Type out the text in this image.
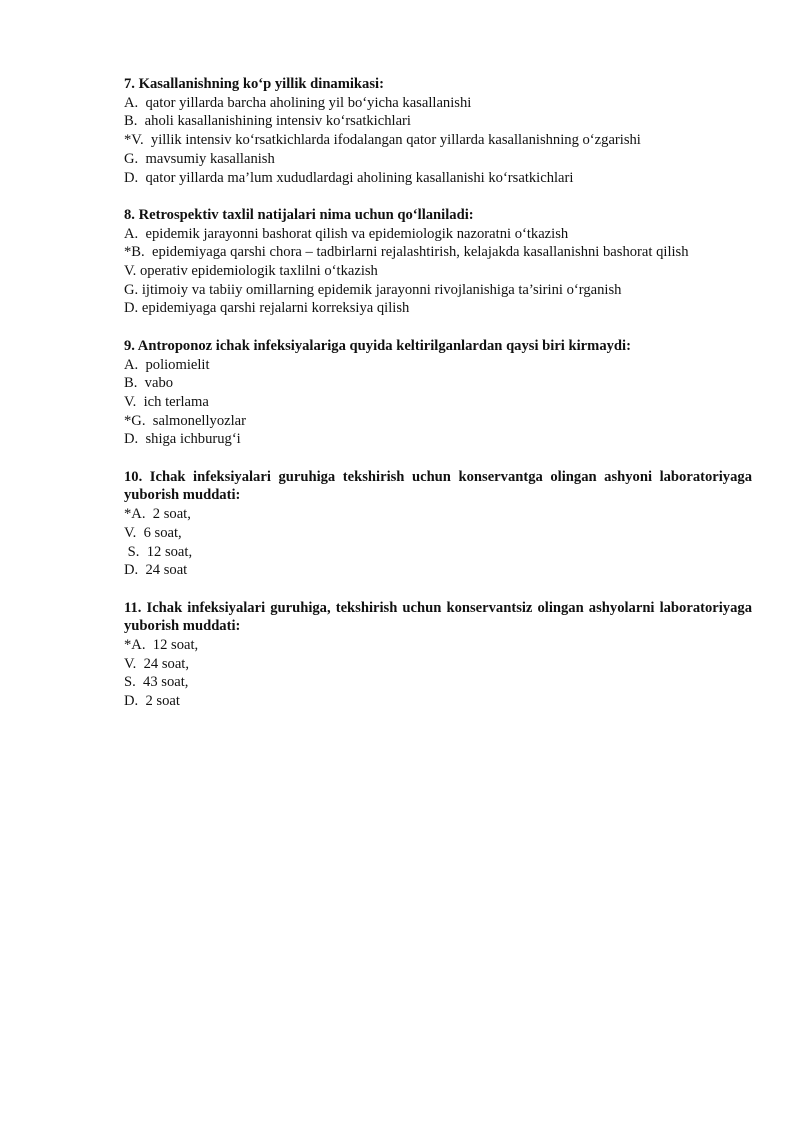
7. Kasallanishning ko‘p yillik dinamikasi:
A.  qator yillarda barcha aholining yil bo‘yicha kasallanishi
B.  aholi kasallanishining intensiv ko‘rsatkichlari
*V.  yillik intensiv ko‘rsatkichlarda ifodalangan qator yillarda kasallanishning o‘zgarishi
G.  mavsumiy kasallanish
D.  qator yillarda ma’lum xududlardagi aholining kasallanishi ko‘rsatkichlari
8. Retrospektiv taxlil natijalari nima uchun qo‘llaniladi:
A.  epidemik jarayonni bashorat qilish va epidemiologik nazoratni o‘tkazish
*B.  epidemiyaga qarshi chora – tadbirlarni rejalashtirish, kelajakda kasallanishni bashorat qilish
V. operativ epidemiologik taxlilni o‘tkazish
G. ijtimoiy va tabiiy omillarning epidemik jarayonni rivojlanishiga ta’sirini o‘rganish
D. epidemiyaga qarshi rejalarni korreksiya qilish
9. Antroponoz ichak infeksiyalariga quyida keltirilganlardan qaysi biri kirmaydi:
A.  poliomielit
B.  vabo
V.  ich terlama
*G.  salmonellyozlar
D.  shiga ichburug‘i
10. Ichak infeksiyalari guruhiga tekshirish uchun konservantga olingan ashyoni laboratoriyaga yuborish muddati:
*A.  2 soat,
V.  6 soat,
S.  12 soat,
D.  24 soat
11. Ichak infeksiyalari guruhiga, tekshirish uchun konservantsiz olingan ashyolarni laboratoriyaga yuborish muddati:
*A.  12 soat,
V.  24 soat,
S.  43 soat,
D.  2 soat
